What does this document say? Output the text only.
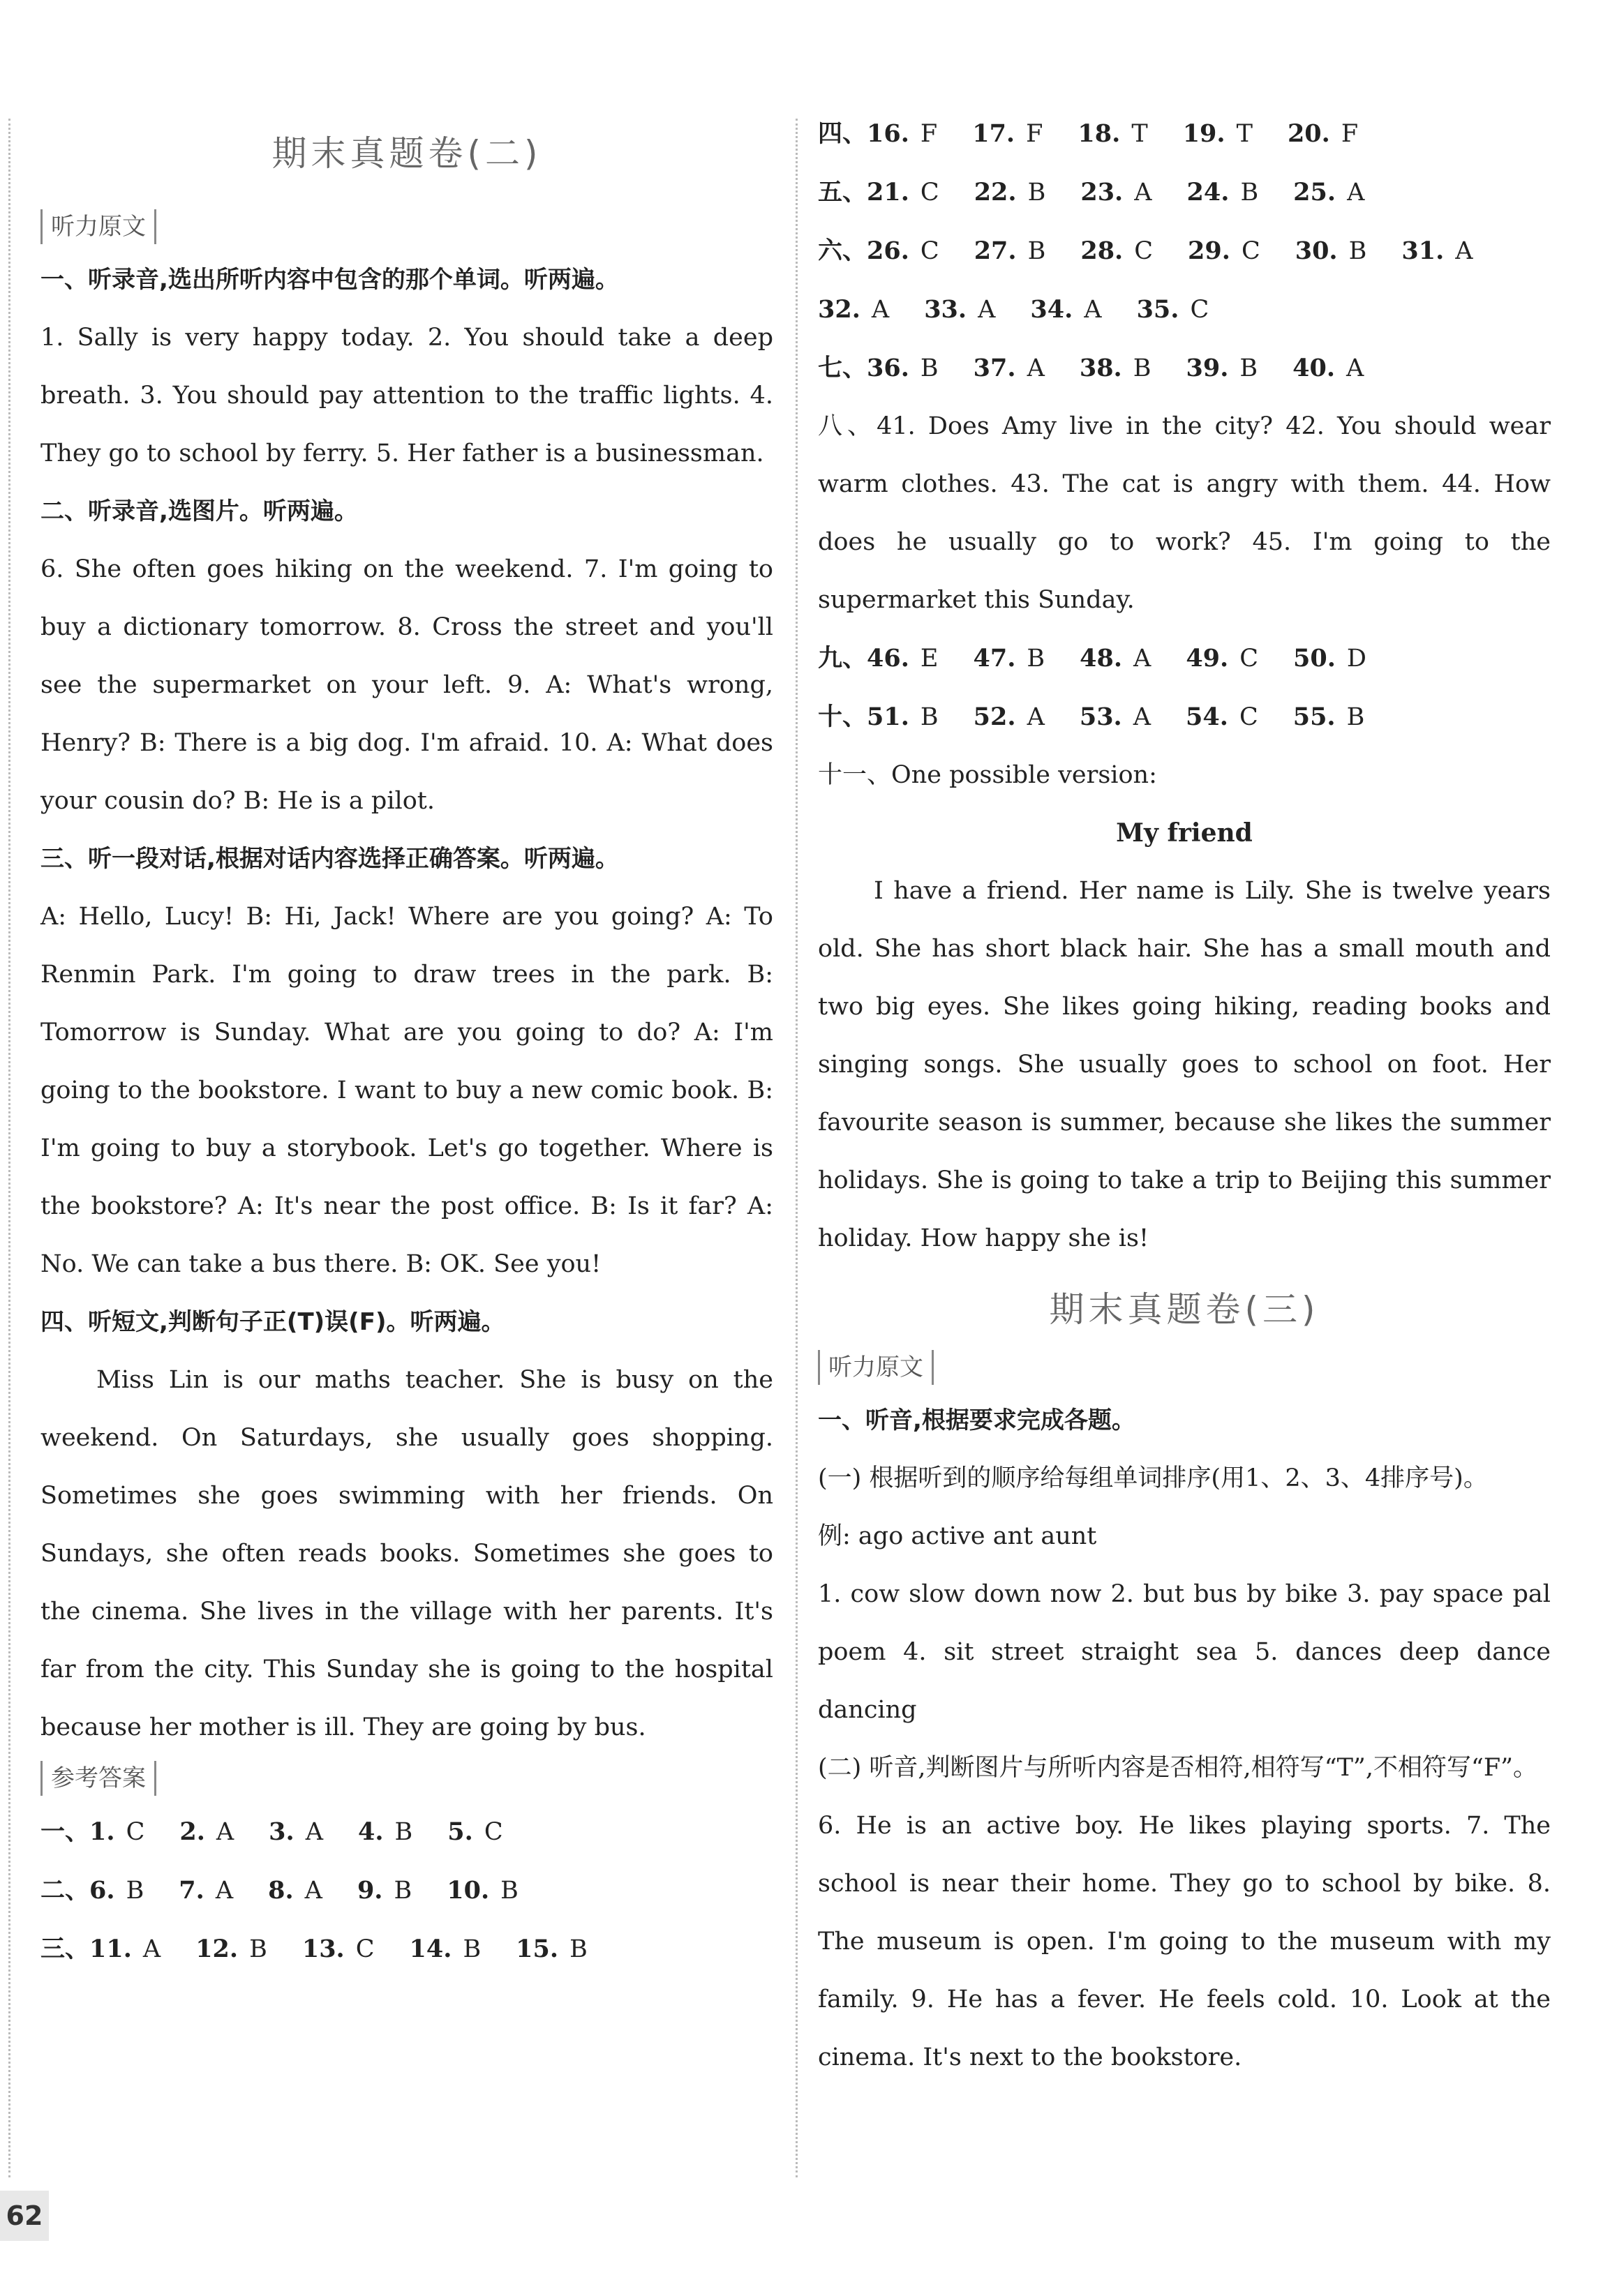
期末真题卷(二)
听力原文

一、听录音,选出所听内容中包含的那个单词。听两遍。

1. Sally is very happy today. 2. You should take a deep breath. 3. You should pay attention to the traffic lights. 4. They go to school by ferry. 5. Her father is a businessman.

二、听录音,选图片。听两遍。

6. She often goes hiking on the weekend. 7. I'm going to buy a dictionary tomorrow. 8. Cross the street and you'll see the supermarket on your left. 9. A: What's wrong, Henry? B: There is a big dog. I'm afraid. 10. A: What does your cousin do? B: He is a pilot.

三、听一段对话,根据对话内容选择正确答案。听两遍。

A: Hello, Lucy! B: Hi, Jack! Where are you going? A: To Renmin Park. I'm going to draw trees in the park. B: Tomorrow is Sunday. What are you going to do? A: I'm going to the bookstore. I want to buy a new comic book. B: I'm going to buy a storybook. Let's go together. Where is the bookstore? A: It's near the post office. B: Is it far? A: No. We can take a bus there. B: OK. See you!

四、听短文,判断句子正(T)误(F)。听两遍。

Miss Lin is our maths teacher. She is busy on the weekend. On Saturdays, she usually goes shopping. Sometimes she goes swimming with her friends. On Sundays, she often reads books. Sometimes she goes to the cinema. She lives in the village with her parents. It's far from the city. This Sunday she is going to the hospital because her mother is ill. They are going by bus.

参考答案
一、1. C 2. A 3. A 4. B 5. C
二、6. B 7. A 8. A 9. B 10. B
三、11. A 12. B 13. C 14. B 15. B
四、16. F 17. F 18. T 19. T 20. F
五、21. C 22. B 23. A 24. B 25. A
六、26. C 27. B 28. C 29. C 30. B 31. A
32. A 33. A 34. A 35. C
七、36. B 37. A 38. B 39. B 40. A

八、41. Does Amy live in the city? 42. You should wear warm clothes. 43. The cat is angry with them. 44. How does he usually go to work? 45. I'm going to the supermarket this Sunday.

九、46. E 47. B 48. A 49. C 50. D
十、51. B 52. A 53. A 54. C 55. B

十一、One possible version:

My friend

I have a friend. Her name is Lily. She is twelve years old. She has short black hair. She has a small mouth and two big eyes. She likes going hiking, reading books and singing songs. She usually goes to school on foot. Her favourite season is summer, because she likes the summer holidays. She is going to take a trip to Beijing this summer holiday. How happy she is!

期末真题卷(三)
听力原文

一、听音,根据要求完成各题。

(一) 根据听到的顺序给每组单词排序(用1、2、3、4排序号)。

例: ago active ant aunt

1. cow slow down now 2. but bus by bike 3. pay space pal poem 4. sit street straight sea 5. dances deep dance dancing

(二) 听音,判断图片与所听内容是否相符,相符写“T”,不相符写“F”。

6. He is an active boy. He likes playing sports. 7. The school is near their home. They go to school by bike. 8. The museum is open. I'm going to the museum with my family. 9. He has a fever. He feels cold. 10. Look at the cinema. It's next to the bookstore.

62
